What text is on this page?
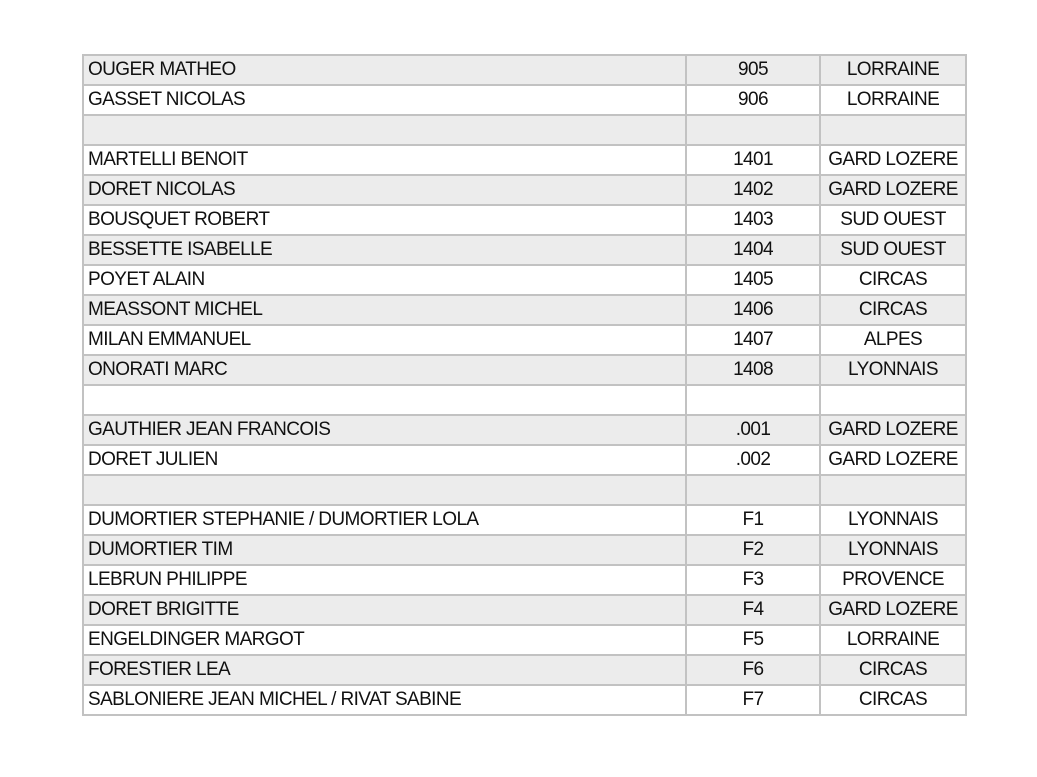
OUGER MATHEO	905	LORRAINE
GASSET NICOLAS	906	LORRAINE

MARTELLI BENOIT	1401	GARD LOZERE
DORET NICOLAS	1402	GARD LOZERE
BOUSQUET ROBERT	1403	SUD OUEST
BESSETTE ISABELLE	1404	SUD OUEST
POYET ALAIN	1405	CIRCAS
MEASSONT MICHEL	1406	CIRCAS
MILAN EMMANUEL	1407	ALPES
ONORATI MARC	1408	LYONNAIS

GAUTHIER JEAN FRANCOIS	.001	GARD LOZERE
DORET JULIEN	.002	GARD LOZERE

DUMORTIER STEPHANIE / DUMORTIER LOLA	F1	LYONNAIS
DUMORTIER TIM	F2	LYONNAIS
LEBRUN PHILIPPE	F3	PROVENCE
DORET BRIGITTE	F4	GARD LOZERE
ENGELDINGER MARGOT	F5	LORRAINE
FORESTIER LEA	F6	CIRCAS
SABLONIERE JEAN MICHEL / RIVAT SABINE	F7	CIRCAS
